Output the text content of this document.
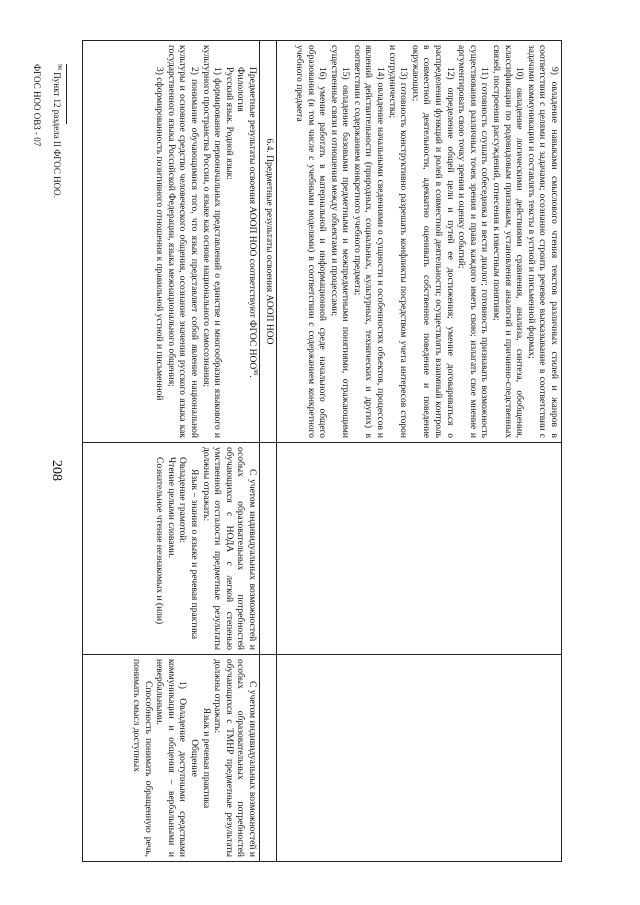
9) овладение навыками смыслового чтения текстов различных стилей и жанров в соответствии с целями и задачами; осознанно строить речевое высказывание в соответствии с задачами коммуникации и составлять тексты в устной и письменной формах;

10) овладение логическими действиями сравнения, анализа, синтеза, обобщения, классификации по родовидовым признакам, установления аналогий и причинно-следственных связей, построения рассуждений, отнесения к известным понятиям;

11) готовность слушать собеседника и вести диалог; готовность признавать возможность существования различных точек зрения и права каждого иметь свою; излагать свое мнение и аргументировать свою точку зрения и оценку событий;

12) определение общей цели и путей ее достижения; умение договариваться о распределении функций и ролей в совместной деятельности; осуществлять взаимный контроль в совместной деятельности, адекватно оценивать собственное поведение и поведение окружающих;

13) готовность конструктивно разрешать конфликты посредством учета интересов сторон и сотрудничества;

14) овладение начальными сведениями о сущности и особенностях объектов, процессов и явлений действительности (природных, социальных, культурных, технических и других) в соответствии с содержанием конкретного учебного предмета;

15) овладение базовыми предметными и межпредметными понятиями, отражающими существенные связи и отношения между объектами и процессами;

16) умение работать в материальной и информационной среде начального общего образования (в том числе с учебными моделями) в соответствии с содержанием конкретного учебного предмета

6.4. Предметные результаты освоения АООП НОО

Предметные результаты освоения АООП НОО соответствуют ФГОС НОО$^{96}$.

Филология

Русский язык. Родной язык:

1) формирование первоначальных представлений о единстве и многообразии языкового и культурного пространства России, о языке как основе национального самосознания;

2) понимание обучающимися того, что язык представляет собой явление национальной культуры и основное средство человеческого общения, осознание значения русского языка как государственного языка Российской Федерации, языка межнационального общения;

3) сформированность позитивного отношения к правильной устной и письменной

С учетом индивидуальных возможностей и особых образовательных потребностей обучающихся с НОДА с легкой степенью умственной отсталости предметные результаты должны отражать:

Язык – знания о языке и речевая практика

Овладение грамотой:

Чтение целыми словами.

Сознательное чтение незнакомых и (или)

С учетом индивидуальных возможностей и особых образовательных потребностей обучающихся с ТМНР предметные результаты должны отражать:

Язык и речевая практика

Общение

1) Овладение доступными средствами коммуникации и общения – вербальными и невербальными.

Способность понимать обращенную речь, понимать смысл доступных

208
$^{96}$ Пункт 12 раздела II ФГОС НОО.
ФГОС НОО ОВЗ - 07
